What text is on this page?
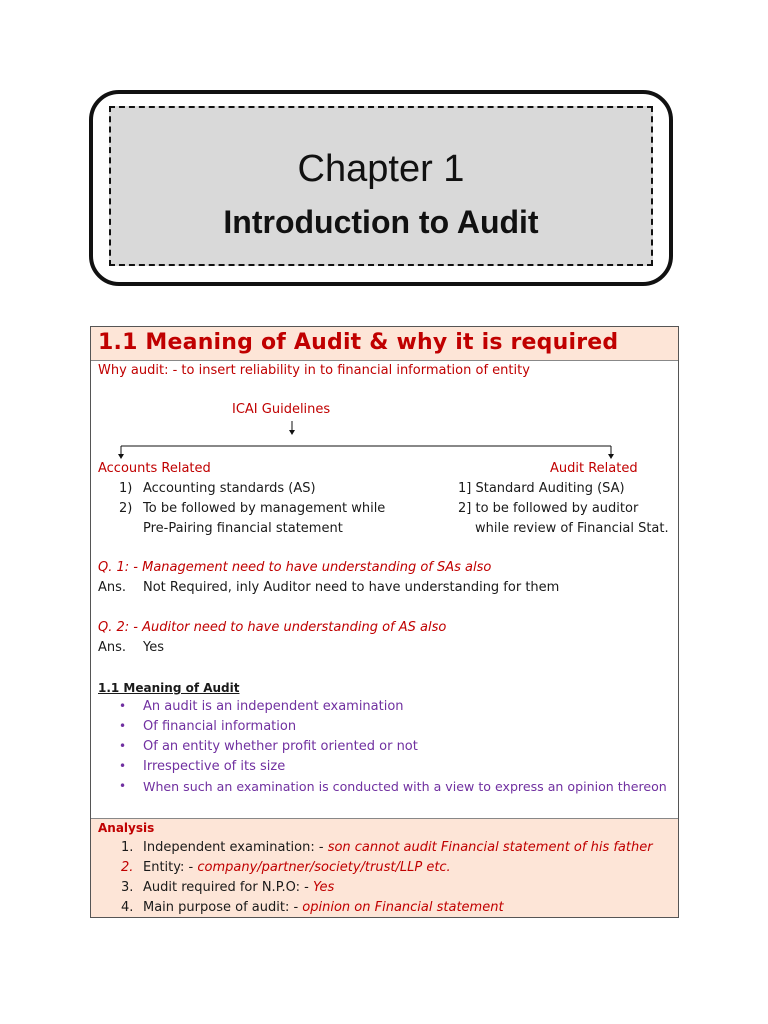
Chapter 1
Introduction to Audit
1.1 Meaning of Audit & why it is required
Why audit: - to insert reliability in to financial information of entity
ICAI Guidelines
Accounts Related
1) Accounting standards (AS)
2) To be followed by management while
Pre-Pairing financial statement
Audit Related
1] Standard Auditing (SA)
2] to be followed by auditor
while review of Financial Stat.
Q. 1: - Management need to have understanding of SAs also
Ans. Not Required, inly Auditor need to have understanding for them
Q. 2: - Auditor need to have understanding of AS also
Ans. Yes
1.1 Meaning of Audit
• An audit is an independent examination
• Of financial information
• Of an entity whether profit oriented or not
• Irrespective of its size
• When such an examination is conducted with a view to express an opinion thereon
Analysis
1. Independent examination: - son cannot audit Financial statement of his father
2. Entity: - company/partner/society/trust/LLP etc.
3. Audit required for N.P.O: - Yes
4. Main purpose of audit: - opinion on Financial statement
